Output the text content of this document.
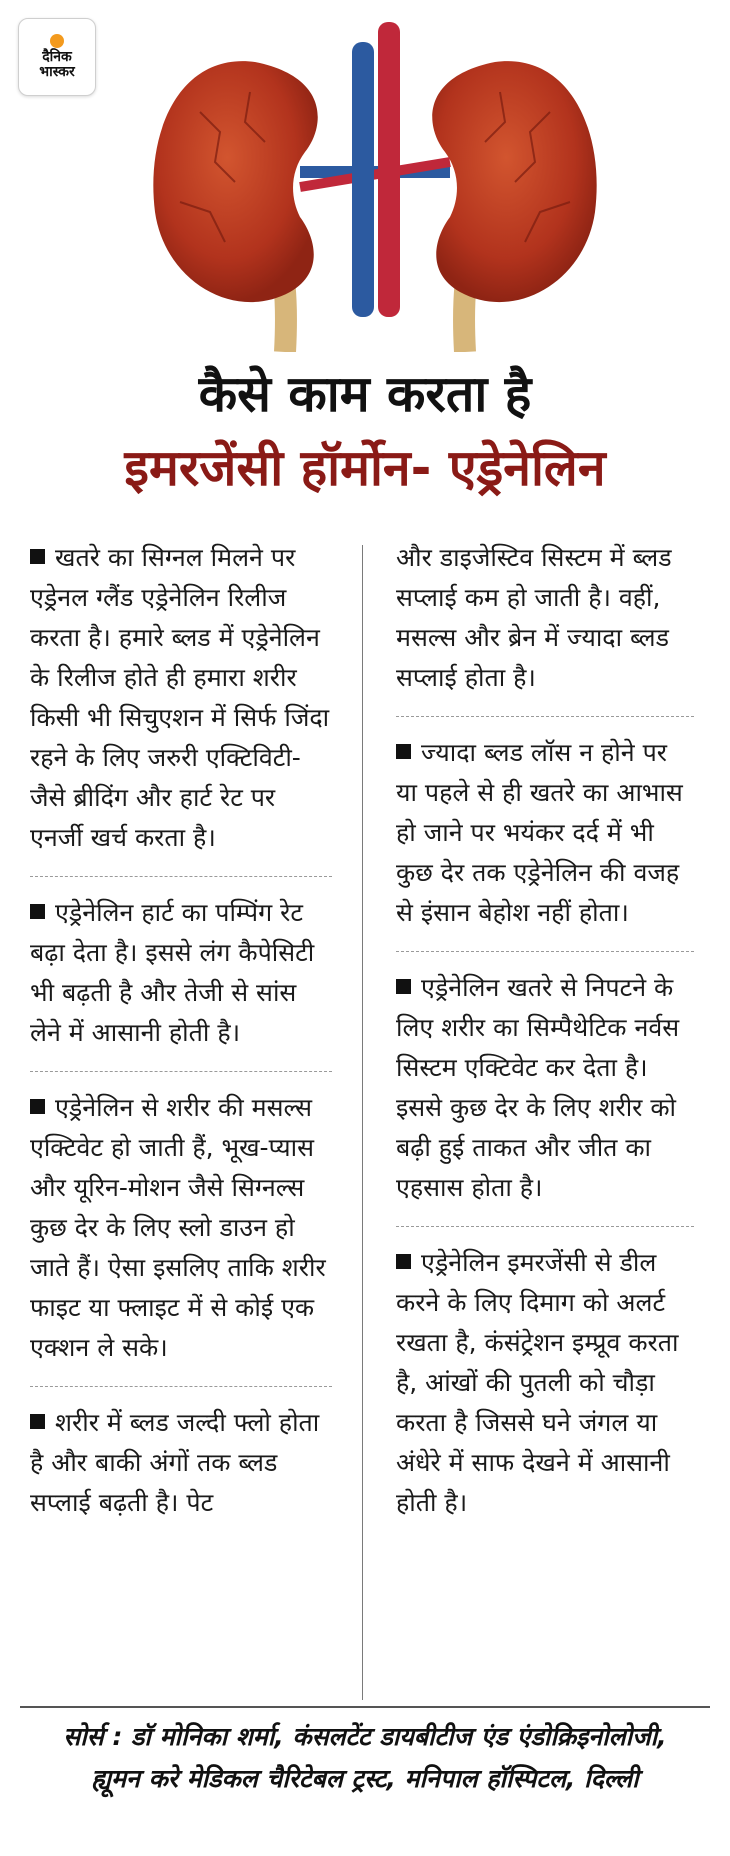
दैनिक
भास्कर
कैसे काम करता है
इमरजेंसी हॉर्मोन- एड्रेनेलिन
खतरे का सिग्नल मिलने पर एड्रेनल ग्लैंड एड्रेनेलिन रिलीज करता है। हमारे ब्लड में एड्रेनेलिन के रिलीज होते ही हमारा शरीर किसी भी सिचुएशन में सिर्फ जिंदा रहने के लिए जरुरी एक्टिविटी- जैसे ब्रीदिंग और हार्ट रेट पर एनर्जी खर्च करता है।
एड्रेनेलिन हार्ट का पम्पिंग रेट बढ़ा देता है। इससे लंग कैपेसिटी भी बढ़ती है और तेजी से सांस लेने में आसानी होती है।
एड्रेनेलिन से शरीर की मसल्स एक्टिवेट हो जाती हैं, भूख-प्यास और यूरिन-मोशन जैसे सिग्नल्स कुछ देर के लिए स्लो डाउन हो जाते हैं। ऐसा इसलिए ताकि शरीर फाइट या फ्लाइट में से कोई एक एक्शन ले सके।
शरीर में ब्लड जल्दी फ्लो होता है और बाकी अंगों तक ब्लड सप्लाई बढ़ती है। पेट
और डाइजेस्टिव सिस्टम में ब्लड सप्लाई कम हो जाती है। वहीं, मसल्स और ब्रेन में ज्यादा ब्लड सप्लाई होता है।
ज्यादा ब्लड लॉस न होने पर या पहले से ही खतरे का आभास हो जाने पर भयंकर दर्द में भी कुछ देर तक एड्रेनेलिन की वजह से इंसान बेहोश नहीं होता।
एड्रेनेलिन खतरे से निपटने के लिए शरीर का सिम्पैथेटिक नर्वस सिस्टम एक्टिवेट कर देता है। इससे कुछ देर के लिए शरीर को बढ़ी हुई ताकत और जीत का एहसास होता है।
एड्रेनेलिन इमरजेंसी से डील करने के लिए दिमाग को अलर्ट रखता है, कंसंट्रेशन इम्प्रूव करता है, आंखों की पुतली को चौड़ा करता है जिससे घने जंगल या अंधेरे में साफ देखने में आसानी होती है।
सोर्स : डॉ मोनिका शर्मा, कंसलटेंट डायबीटीज एंड एंडोक्रिइनोलोजी, ह्यूमन करे मेडिकल चैरिटेबल ट्रस्ट, मनिपाल हॉस्पिटल, दिल्ली
